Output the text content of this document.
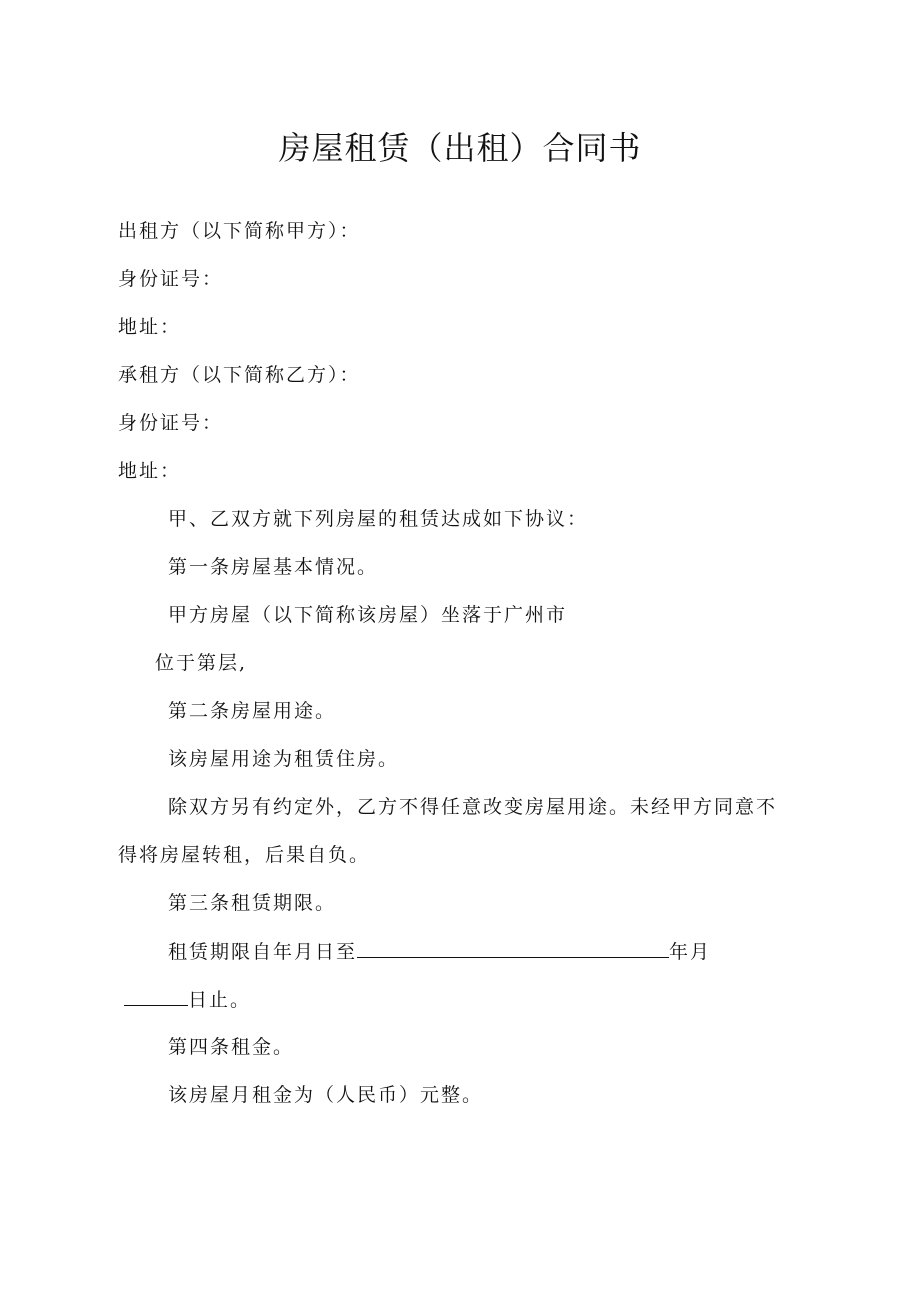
房屋租赁（出租）合同书
出租方（以下简称甲方）：
身份证号：
地址：
承租方（以下简称乙方）：
身份证号：
地址：
甲、乙双方就下列房屋的租赁达成如下协议：
第一条房屋基本情况。
甲方房屋（以下简称该房屋）坐落于广州市
位于第层,
第二条房屋用途。
该房屋用途为租赁住房。
除双方另有约定外，乙方不得任意改变房屋用途。未经甲方同意不
得将房屋转租，后果自负。
第三条租赁期限。
租赁期限自年月日至	年月
日止。
第四条租金。
该房屋月租金为（人民币）元整。
